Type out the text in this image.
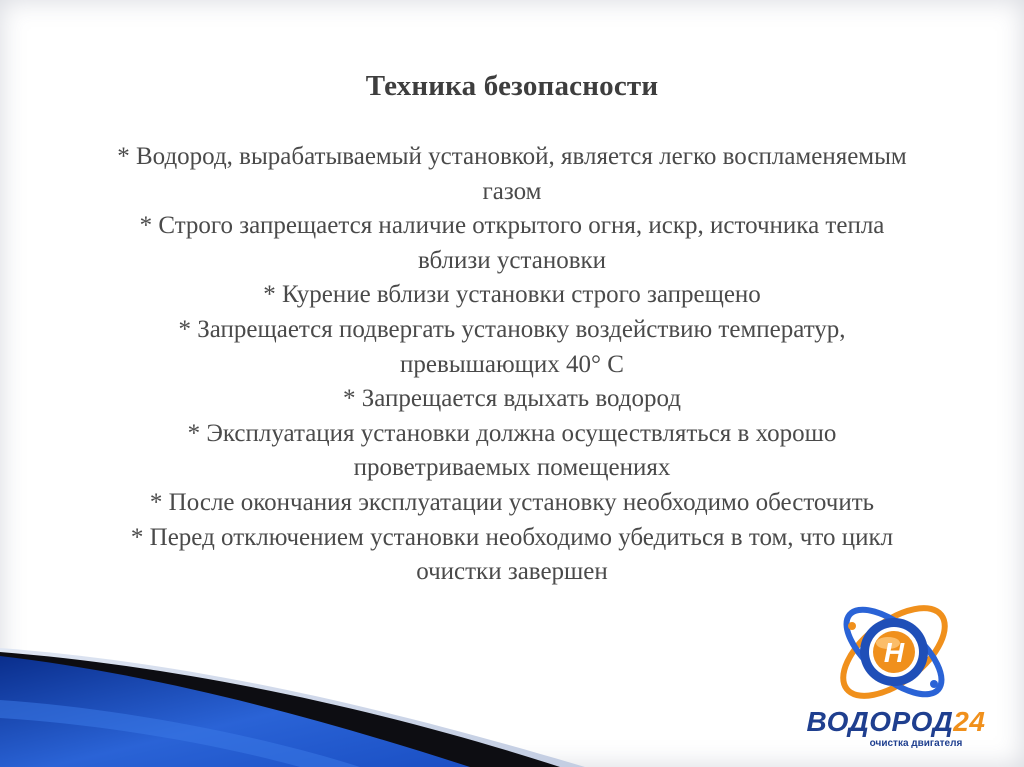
H
Техника безопасности
* Водород, вырабатываемый установкой, является легко воспламеняемым
газом
* Строго запрещается наличие открытого огня, искр, источника тепла
вблизи установки
* Курение вблизи установки строго запрещено
* Запрещается подвергать установку воздействию температур,
превышающих 40° С
* Запрещается вдыхать водород
* Эксплуатация установки должна осуществляться в хорошо
проветриваемых помещениях
* После окончания эксплуатации установку необходимо обесточить
* Перед отключением установки необходимо убедиться в том, что цикл
очистки завершен
ВОДОРОД24
очистка двигателя
